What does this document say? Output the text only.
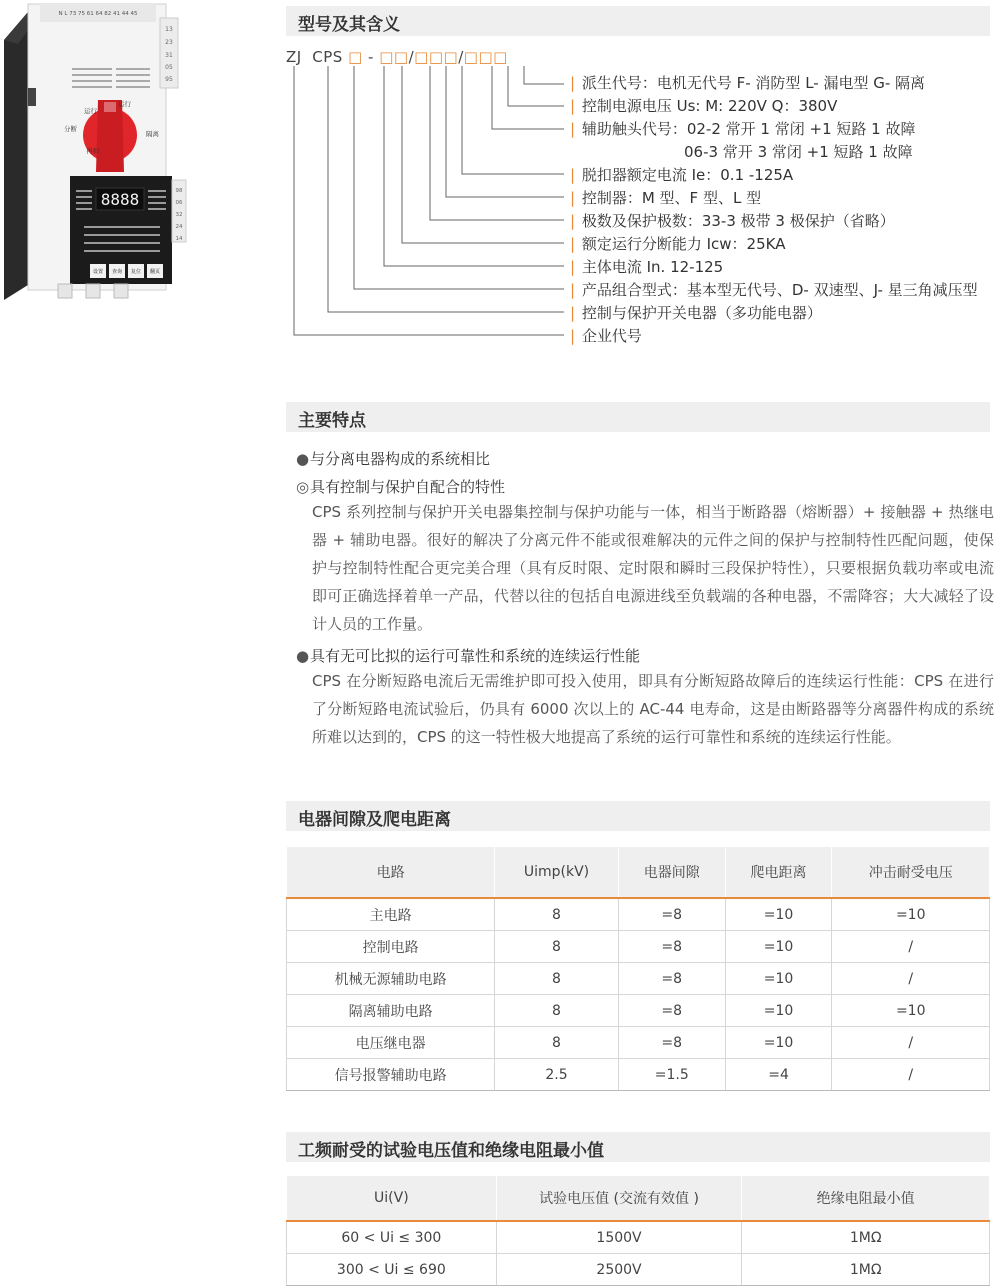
N L 73 75 61 64 82 41 44 45
13
23
31
05
95
运行
运行
分断
隔离
再扣
8888	98
06
32
24
14
设置 查询 复位 翻页
型号及其含义
ZJ CPS □ - □□/□□□/□□□
| 派生代号：电机无代号 F- 消防型 L- 漏电型 G- 隔离
| 控制电源电压 Us: M: 220V Q：380V
| 辅助触头代号：02-2 常开 1 常闭 +1 短路 1 故障
06-3 常开 3 常闭 +1 短路 1 故障
| 脱扣器额定电流 Ie：0.1 -125A
| 控制器：M 型、F 型、L 型
| 极数及保护极数：33-3 极带 3 极保护（省略）
| 额定运行分断能力 Icw：25KA
| 主体电流 In. 12-125
| 产品组合型式：基本型无代号、D- 双速型、J- 星三角减压型
| 控制与保护开关电器（多功能电器）
| 企业代号
主要特点
●与分离电器构成的系统相比
◎具有控制与保护自配合的特性
CPS 系列控制与保护开关电器集控制与保护功能与一体，相当于断路器（熔断器）+ 接触器 + 热继电器 + 辅助电器。很好的解决了分离元件不能或很难解决的元件之间的保护与控制特性匹配问题，使保护与控制特性配合更完美合理（具有反时限、定时限和瞬时三段保护特性），只要根据负载功率或电流即可正确选择着单一产品，代替以往的包括自电源进线至负载端的各种电器，不需降容；大大减轻了设计人员的工作量。
●具有无可比拟的运行可靠性和系统的连续运行性能
CPS 在分断短路电流后无需维护即可投入使用，即具有分断短路故障后的连续运行性能：CPS 在进行了分断短路电流试验后，仍具有 6000 次以上的 AC-44 电寿命，这是由断路器等分离器件构成的系统所难以达到的，CPS 的这一特性极大地提高了系统的运行可靠性和系统的连续运行性能。
电器间隙及爬电距离
电路	Uimp(kV)	电器间隙	爬电距离	冲击耐受电压
主电路	8	=8	=10	=10
控制电路	8	=8	=10	/
机械无源辅助电路	8	=8	=10	/
隔离辅助电路	8	=8	=10	=10
电压继电器	8	=8	=10	/
信号报警辅助电路	2.5	=1.5	=4	/
工频耐受的试验电压值和绝缘电阻最小值
Ui(V)	试验电压值 (交流有效值 )	绝缘电阻最小值
60 < Ui ≤ 300	1500V	1MΩ
300 < Ui ≤ 690	2500V	1MΩ
